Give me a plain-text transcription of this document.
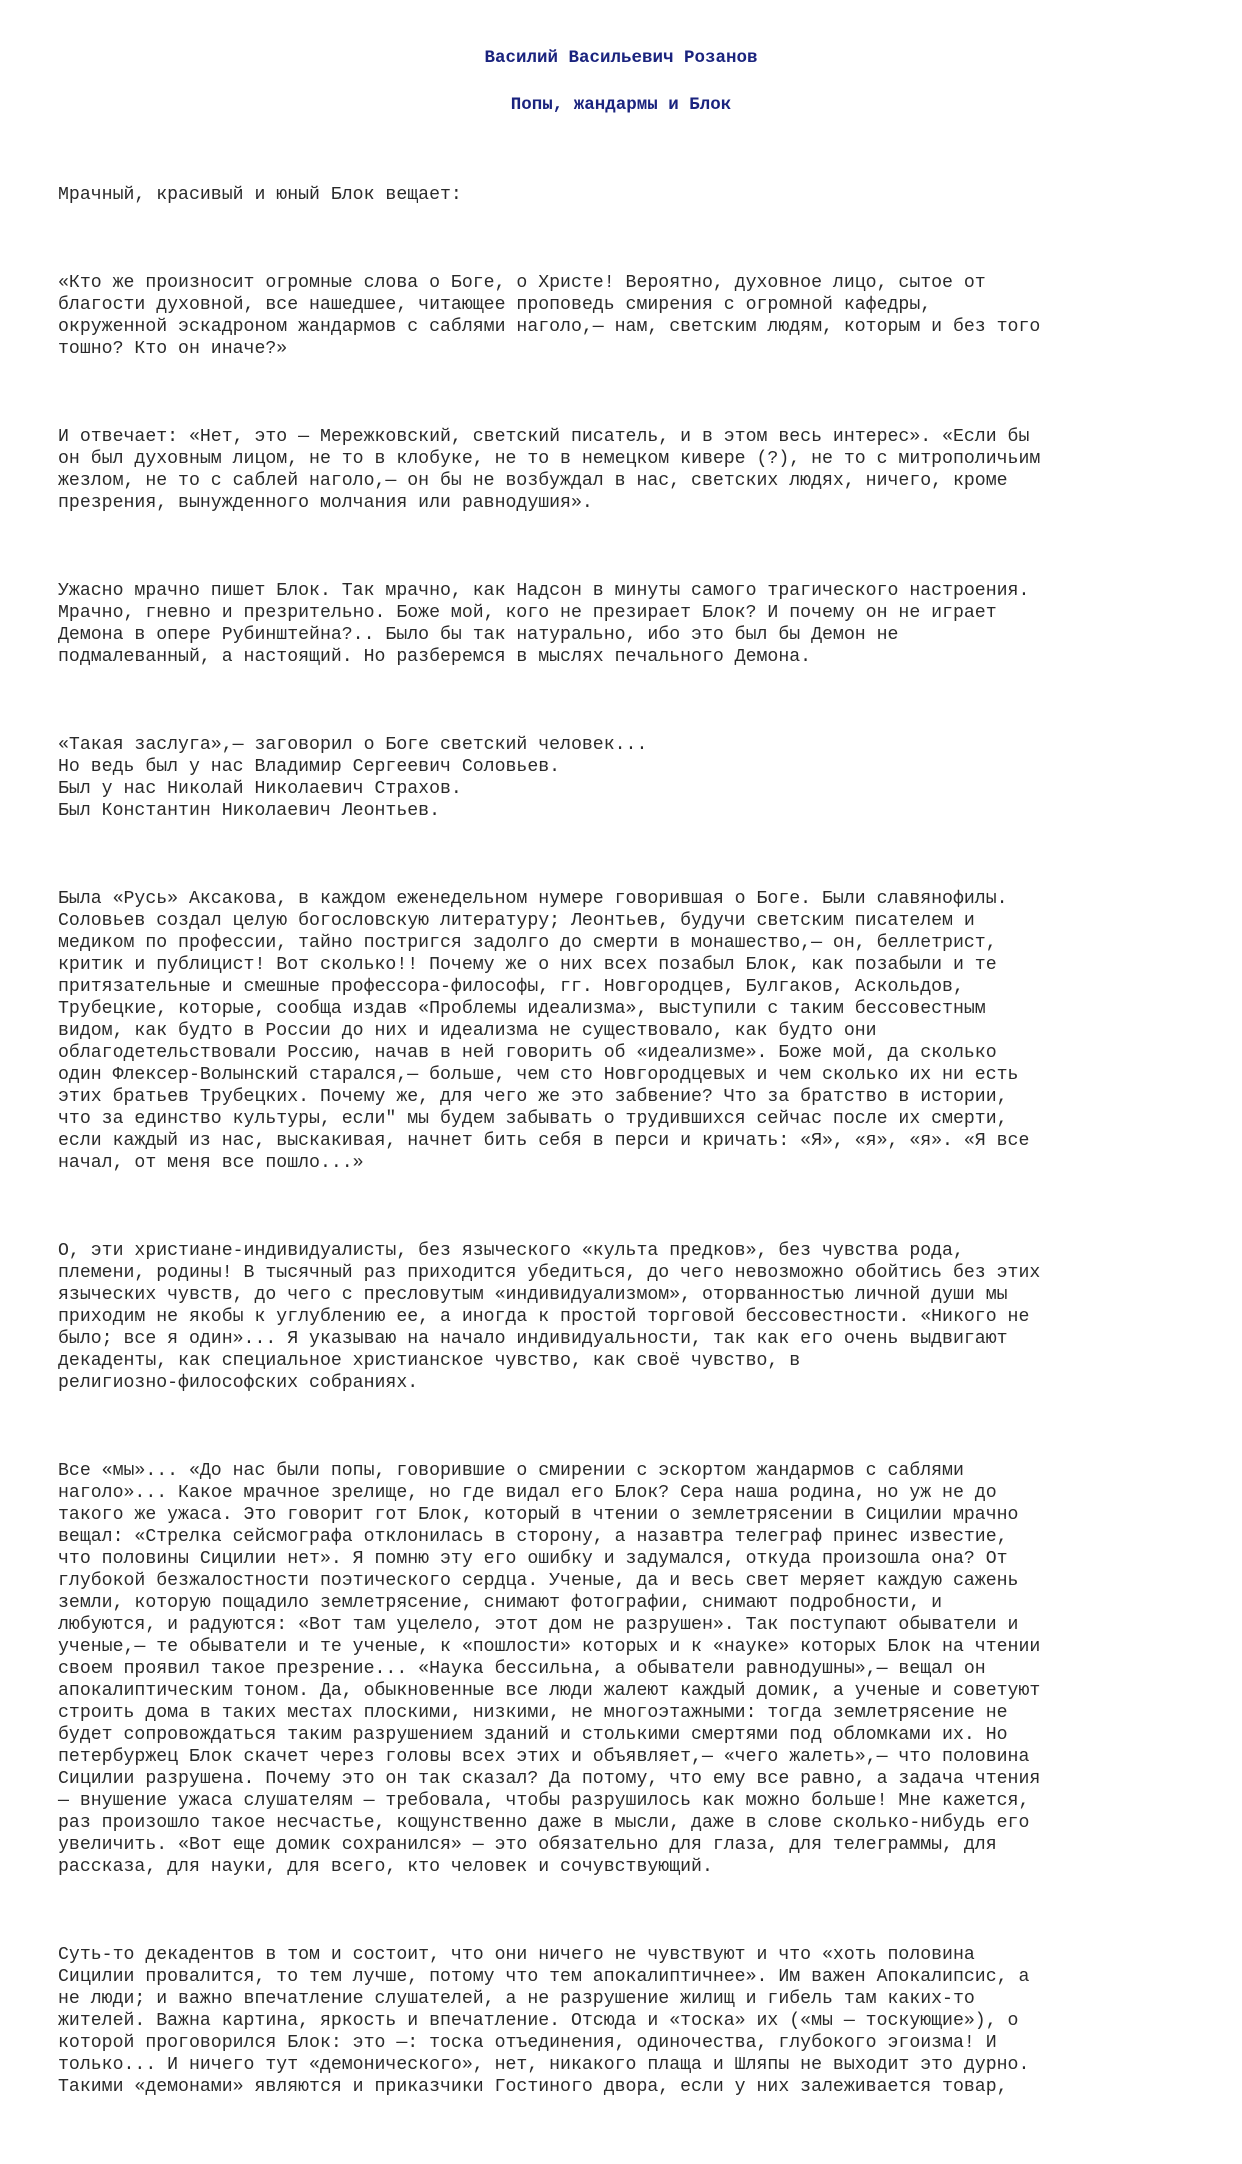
Василий Васильевич Розанов
Попы, жандармы и Блок

Мрачный, красивый и юный Блок вещает:

«Кто же произносит огромные слова о Боге, о Христе! Вероятно, духовное лицо, сытое от
благости духовной, все нашедшее, читающее проповедь смирения с огромной кафедры,
окруженной эскадроном жандармов с саблями наголо,— нам, светским людям, которым и без того
тошно? Кто он иначе?»

И отвечает: «Нет, это — Мережковский, светский писатель, и в этом весь интерес». «Если бы
он был духовным лицом, не то в клобуке, не то в немецком кивере (?), не то с митрополичьим
жезлом, не то с саблей наголо,— он бы не возбуждал в нас, светских людях, ничего, кроме
презрения, вынужденного молчания или равнодушия».

Ужасно мрачно пишет Блок. Так мрачно, как Надсон в минуты самого трагического настроения.
Мрачно, гневно и презрительно. Боже мой, кого не презирает Блок? И почему он не играет
Демона в опере Рубинштейна?.. Было бы так натурально, ибо это был бы Демон не
подмалеванный, а настоящий. Но разберемся в мыслях печального Демона.

«Такая заслуга»,— заговорил о Боге светский человек...
Но ведь был у нас Владимир Сергеевич Соловьев.
Был у нас Николай Николаевич Страхов.
Был Константин Николаевич Леонтьев.

Была «Русь» Аксакова, в каждом еженедельном нумере говорившая о Боге. Были славянофилы.
Соловьев создал целую богословскую литературу; Леонтьев, будучи светским писателем и
медиком по профессии, тайно постригся задолго до смерти в монашество,— он, беллетрист,
критик и публицист! Вот сколько!! Почему же о них всех позабыл Блок, как позабыли и те
притязательные и смешные профессора-философы, гг. Новгородцев, Булгаков, Аскольдов,
Трубецкие, которые, сообща издав «Проблемы идеализма», выступили с таким бессовестным
видом, как будто в России до них и идеализма не существовало, как будто они
облагодетельствовали Россию, начав в ней говорить об «идеализме». Боже мой, да сколько
один Флексер-Волынский старался,— больше, чем сто Новгородцевых и чем сколько их ни есть
этих братьев Трубецких. Почему же, для чего же это забвение? Что за братство в истории,
что за единство культуры, если" мы будем забывать о трудившихся сейчас после их смерти,
если каждый из нас, выскакивая, начнет бить себя в перси и кричать: «Я», «я», «я». «Я все
начал, от меня все пошло...»

О, эти христиане-индивидуалисты, без языческого «культа предков», без чувства рода,
племени, родины! В тысячный раз приходится убедиться, до чего невозможно обойтись без этих
языческих чувств, до чего с пресловутым «индивидуализмом», оторванностью личной души мы
приходим не якобы к углублению ее, а иногда к простой торговой бессовестности. «Никого не
было; все я один»... Я указываю на начало индивидуальности, так как его очень выдвигают
декаденты, как специальное христианское чувство, как своё чувство, в
религиозно-философских собраниях.

Все «мы»... «До нас были попы, говорившие о смирении с эскортом жандармов с саблями
наголо»... Какое мрачное зрелище, но где видал его Блок? Сера наша родина, но уж не до
такого же ужаса. Это говорит гот Блок, который в чтении о землетрясении в Сицилии мрачно
вещал: «Стрелка сейсмографа отклонилась в сторону, а назавтра телеграф принес известие,
что половины Сицилии нет». Я помню эту его ошибку и задумался, откуда произошла она? От
глубокой безжалостности поэтического сердца. Ученые, да и весь свет меряет каждую сажень
земли, которую пощадило землетрясение, снимают фотографии, снимают подробности, и
любуются, и радуются: «Вот там уцелело, этот дом не разрушен». Так поступают обыватели и
ученые,— те обыватели и те ученые, к «пошлости» которых и к «науке» которых Блок на чтении
своем проявил такое презрение... «Наука бессильна, а обыватели равнодушны»,— вещал он
апокалиптическим тоном. Да, обыкновенные все люди жалеют каждый домик, а ученые и советуют
строить дома в таких местах плоскими, низкими, не многоэтажными: тогда землетрясение не
будет сопровождаться таким разрушением зданий и столькими смертями под обломками их. Но
петербуржец Блок скачет через головы всех этих и объявляет,— «чего жалеть»,— что половина
Сицилии разрушена. Почему это он так сказал? Да потому, что ему все равно, а задача чтения
— внушение ужаса слушателям — требовала, чтобы разрушилось как можно больше! Мне кажется,
раз произошло такое несчастье, кощунственно даже в мысли, даже в слове сколько-нибудь его
увеличить. «Вот еще домик сохранился» — это обязательно для глаза, для телеграммы, для
рассказа, для науки, для всего, кто человек и сочувствующий.

Суть-то декадентов в том и состоит, что они ничего не чувствуют и что «хоть половина
Сицилии провалится, то тем лучше, потому что тем апокалиптичнее». Им важен Апокалипсис, а
не люди; и важно впечатление слушателей, а не разрушение жилищ и гибель там каких-то
жителей. Важна картина, яркость и впечатление. Отсюда и «тоска» их («мы — тоскующие»), о
которой проговорился Блок: это —: тоска отъединения, одиночества, глубокого эгоизма! И
только... И ничего тут «демонического», нет, никакого плаща и Шляпы не выходит это дурно.
Такими «демонами» являются и приказчики Гостиного двора, если у них залеживается товар,
